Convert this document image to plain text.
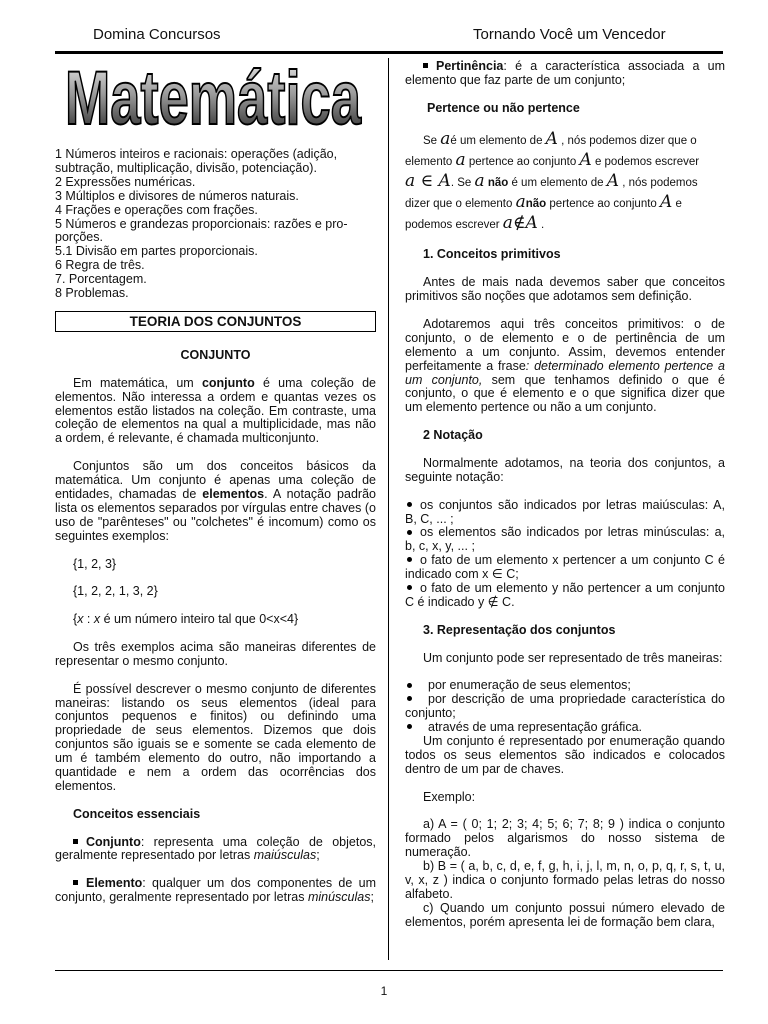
Domina Concursos	Tornando Você um Vencedor
Matemática

1 Números inteiros e racionais: operações (adição,

subtração, multiplicação, divisão, potenciação).

2 Expressões numéricas.

3 Múltiplos e divisores de números naturais.

4 Frações e operações com frações.

5 Números e grandezas proporcionais: razões e pro-

porções.

5.1 Divisão em partes proporcionais.

6 Regra de três.

7. Porcentagem.

8 Problemas.

TEORIA DOS CONJUNTOS

CONJUNTO

Em matemática, um conjunto é uma coleção de elementos. Não interessa a ordem e quantas vezes os elementos estão listados na coleção. Em contraste, uma coleção de elementos na qual a multiplicidade, mas não a ordem, é relevante, é chamada multiconjunto.

Conjuntos são um dos conceitos básicos da matemática. Um conjunto é apenas uma coleção de entidades, chamadas de elementos. A notação padrão lista os elementos separados por vírgulas entre chaves (o uso de "parênteses" ou "colchetes" é incomum) como os seguintes exemplos:

{1, 2, 3}

{1, 2, 2, 1, 3, 2}

{x : x é um número inteiro tal que 0<x<4}

Os três exemplos acima são maneiras diferentes de representar o mesmo conjunto.

É possível descrever o mesmo conjunto de diferentes maneiras: listando os seus elementos (ideal para conjuntos pequenos e finitos) ou definindo uma propriedade de seus elementos. Dizemos que dois conjuntos são iguais se e somente se cada elemento de um é também elemento do outro, não importando a quantidade e nem a ordem das ocorrências dos elementos.

Conceitos essenciais

Conjunto: representa uma coleção de objetos, geralmente representado por letras maiúsculas;

Elemento: qualquer um dos componentes de um conjunto, geralmente representado por letras minúsculas;

Pertinência: é a característica associada a um elemento que faz parte de um conjunto;

Pertence ou não pertence

Se aé um elemento de A , nós podemos dizer que o

elemento a pertence ao conjunto A e podemos escrever

a ∈ A. Se a não é um elemento de A , nós podemos

dizer que o elemento anão pertence ao conjunto A e

podemos escrever a∉A .

1. Conceitos primitivos

Antes de mais nada devemos saber que conceitos primitivos são noções que adotamos sem definição.

Adotaremos aqui três conceitos primitivos: o de conjunto, o de elemento e o de pertinência de um elemento a um conjunto. Assim, devemos entender perfeitamente a frase: determinado elemento pertence a um conjunto, sem que tenhamos definido o que é conjunto, o que é elemento e o que significa dizer que um elemento pertence ou não a um conjunto.

2 Notação

Normalmente adotamos, na teoria dos conjuntos, a seguinte notação:

os conjuntos são indicados por letras maiúsculas: A, B, C, ... ;

os elementos são indicados por letras minúsculas: a, b, c, x, y, ... ;

o fato de um elemento x pertencer a um conjunto C é indicado com x ∈ C;

o fato de um elemento y não pertencer a um conjunto C é indicado y ∉ C.

3. Representação dos conjuntos

Um conjunto pode ser representado de três maneiras:

por enumeração de seus elementos;

por descrição de uma propriedade característica do conjunto;

através de uma representação gráfica.

Um conjunto é representado por enumeração quando todos os seus elementos são indicados e colocados dentro de um par de chaves.

Exemplo:

a) A = ( 0; 1; 2; 3; 4; 5; 6; 7; 8; 9 ) indica o conjunto formado pelos algarismos do nosso sistema de numeração.

b) B = ( a, b, c, d, e, f, g, h, i, j, l, m, n, o, p, q, r, s, t, u, v, x, z ) indica o conjunto formado pelas letras do nosso alfabeto.

c) Quando um conjunto possui número elevado de elementos, porém apresenta lei de formação bem clara,

1
